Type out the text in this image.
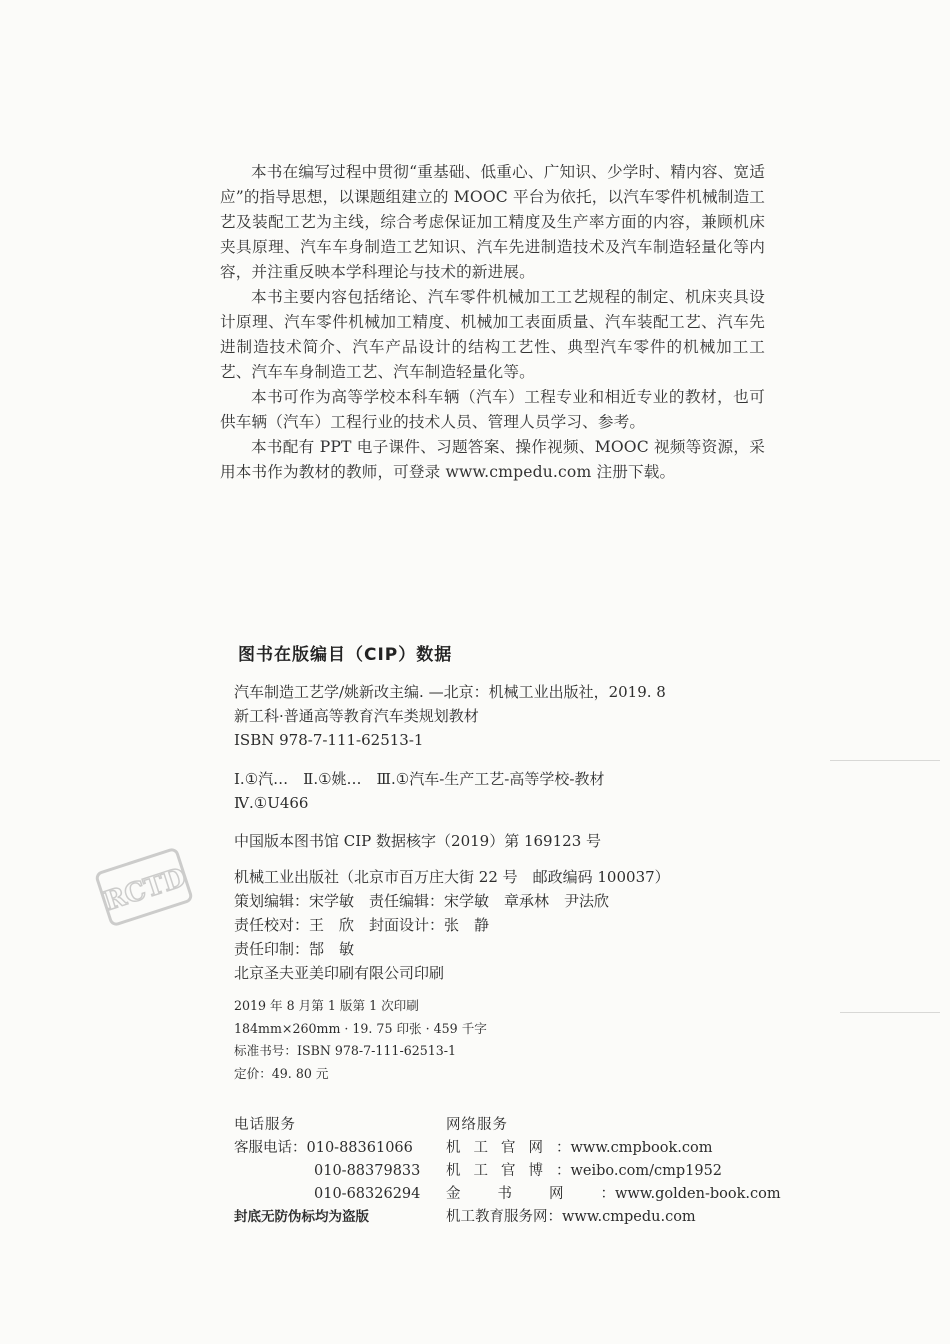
本书在编写过程中贯彻“重基础、低重心、广知识、少学时、精内容、宽适应”的指导思想，以课题组建立的 MOOC 平台为依托，以汽车零件机械制造工艺及装配工艺为主线，综合考虑保证加工精度及生产率方面的内容，兼顾机床夹具原理、汽车车身制造工艺知识、汽车先进制造技术及汽车制造轻量化等内容，并注重反映本学科理论与技术的新进展。

本书主要内容包括绪论、汽车零件机械加工工艺规程的制定、机床夹具设计原理、汽车零件机械加工精度、机械加工表面质量、汽车装配工艺、汽车先进制造技术简介、汽车产品设计的结构工艺性、典型汽车零件的机械加工工艺、汽车车身制造工艺、汽车制造轻量化等。

本书可作为高等学校本科车辆（汽车）工程专业和相近专业的教材，也可供车辆（汽车）工程行业的技术人员、管理人员学习、参考。

本书配有 PPT 电子课件、习题答案、操作视频、MOOC 视频等资源，采用本书作为教材的教师，可登录 www.cmpedu.com 注册下载。

图书在版编目（CIP）数据
汽车制造工艺学/姚新改主编. —北京：机械工业出版社，2019. 8
新工科·普通高等教育汽车类规划教材
ISBN 978-7-111-62513-1
Ⅰ.①汽…　Ⅱ.①姚…　Ⅲ.①汽车-生产工艺-高等学校-教材
Ⅳ.①U466
中国版本图书馆 CIP 数据核字（2019）第 169123 号
机械工业出版社（北京市百万庄大街 22 号　邮政编码 100037）
策划编辑：宋学敏　责任编辑：宋学敏　章承林　尹法欣
责任校对：王　欣　封面设计：张　静
责任印制：郜　敏
北京圣夫亚美印刷有限公司印刷
2019 年 8 月第 1 版第 1 次印刷
184mm×260mm · 19. 75 印张 · 459 千字
标准书号：ISBN 978-7-111-62513-1
定价：49. 80 元
电话服务
客服电话：010-88361066
010-88379833
010-68326294
封底无防伪标均为盗版
网络服务
机工官网：www.cmpbook.com
机工官博：weibo.com/cmp1952
金书网：www.golden-book.com
机工教育服务网：www.cmpedu.com
RCTD
